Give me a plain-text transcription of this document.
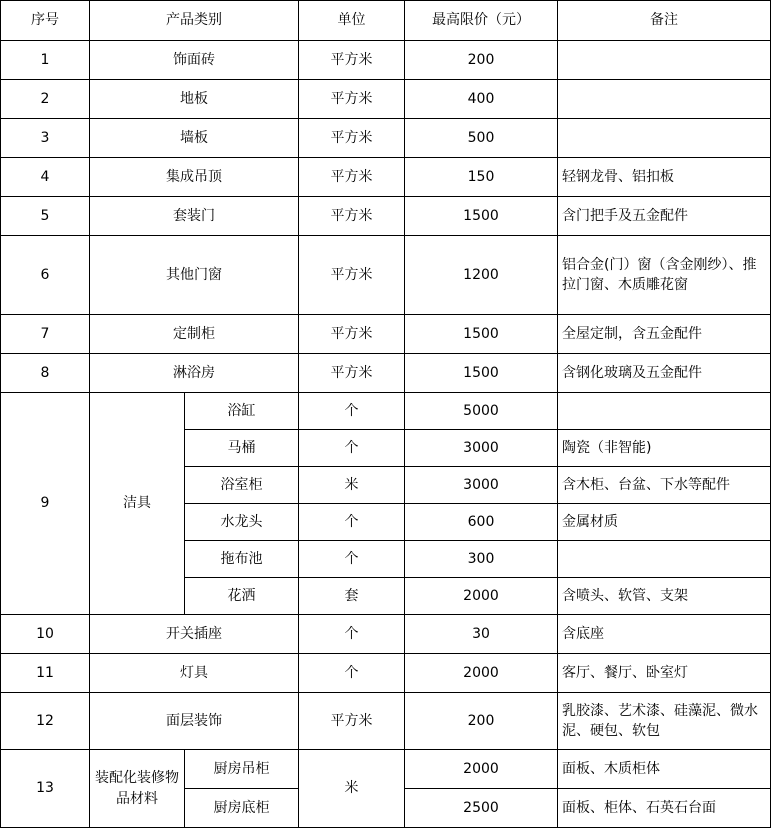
序号	产品类别		单位	最高限价（元）	备注
1	饰面砖		平方米	200	
2	地板		平方米	400	
3	墙板		平方米	500	
4	集成吊顶		平方米	150	轻钢龙骨、铝扣板
5	套装门		平方米	1500	含门把手及五金配件
6	其他门窗		平方米	1200	铝合金(门）窗（含金刚纱）、推拉门窗、木质雕花窗
7	定制柜		平方米	1500	全屋定制，含五金配件
8	淋浴房		平方米	1500	含钢化玻璃及五金配件
9	洁具	浴缸	个	5000	
		马桶	个	3000	陶瓷（非智能)
		浴室柜	米	3000	含木柜、台盆、下水等配件
		水龙头	个	600	金属材质
		拖布池	个	300	
		花洒	套	2000	含喷头、软管、支架
10	开关插座		个	30	含底座
11	灯具		个	2000	客厅、餐厅、卧室灯
12	面层装饰		平方米	200	乳胶漆、艺术漆、硅藻泥、微水泥、硬包、软包
13	装配化装修物品材料	厨房吊柜	米	2000	面板、木质柜体
		厨房底柜		2500	面板、柜体、石英石台面
